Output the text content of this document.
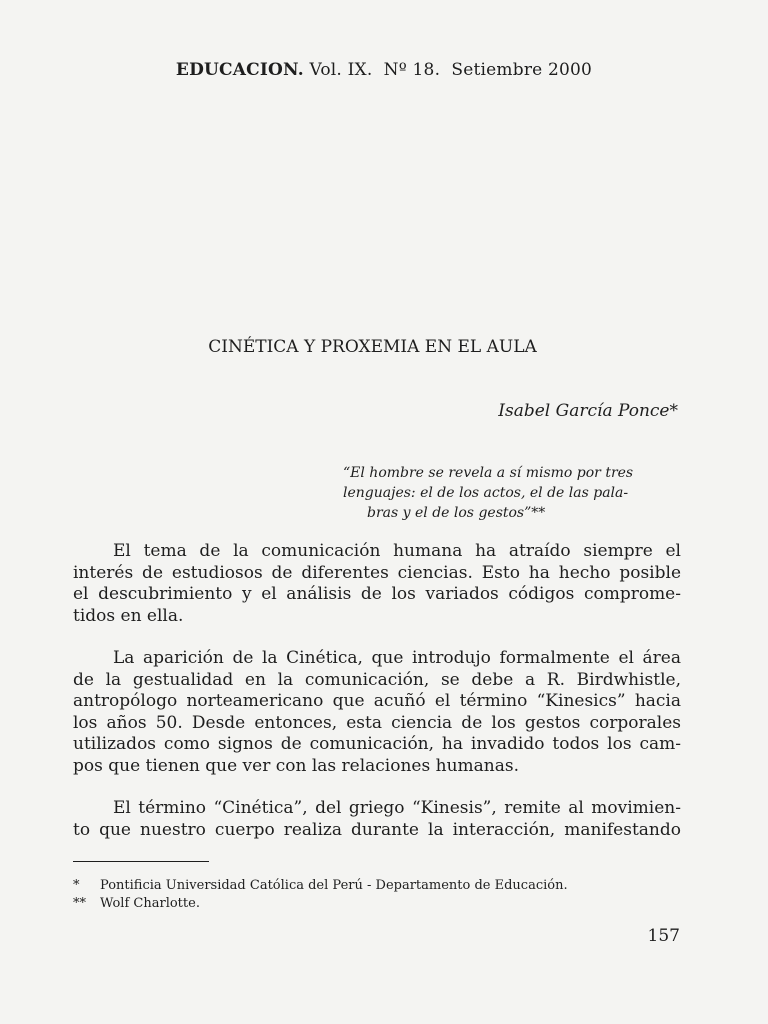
EDUCACION. Vol. IX.  Nº 18.  Setiembre 2000
CINÉTICA Y PROXEMIA EN EL AULA
Isabel García Ponce*
“El hombre se revela a sí mismo por tres
lenguajes: el de los actos, el de las pala-
bras y el de los gestos”**

El tema de la comunicación humana ha atraído siempre el
interés de estudiosos de diferentes ciencias. Esto ha hecho posible
el descubrimiento y el análisis de los variados códigos comprome-
tidos en ella.

La aparición de la Cinética, que introdujo formalmente el área
de la gestualidad en la comunicación, se debe a R. Birdwhistle,
antropólogo norteamericano que acuñó el término “Kinesics” hacia
los años 50. Desde entonces, esta ciencia de los gestos corporales
utilizados como signos de comunicación, ha invadido todos los cam-
pos que tienen que ver con las relaciones humanas.

El término “Cinética”, del griego “Kinesis”, remite al movimien-
to que nuestro cuerpo realiza durante la interacción, manifestando

*	Pontificia Universidad Católica del Perú - Departamento de Educación.
**	Wolf Charlotte.
157
